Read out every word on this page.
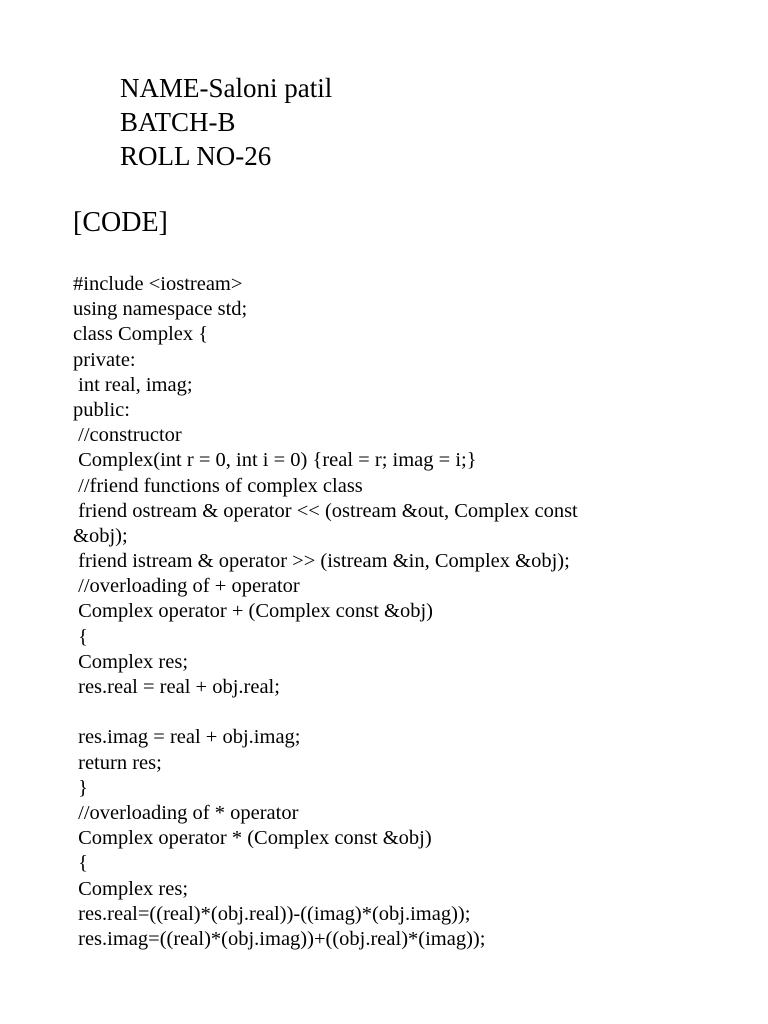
NAME-Saloni patil
BATCH-B
ROLL NO-26
[CODE]
#include <iostream>
using namespace std;
class Complex {
private:
int real, imag;
public:
//constructor
Complex(int r = 0, int i = 0) {real = r; imag = i;}
//friend functions of complex class
friend ostream & operator << (ostream &out, Complex const
&obj);
friend istream & operator >> (istream &in, Complex &obj);
//overloading of + operator
Complex operator + (Complex const &obj)
{
Complex res;
res.real = real + obj.real;
res.imag = real + obj.imag;
return res;
}
//overloading of * operator
Complex operator * (Complex const &obj)
{
Complex res;
res.real=((real)*(obj.real))-((imag)*(obj.imag));
res.imag=((real)*(obj.imag))+((obj.real)*(imag));
